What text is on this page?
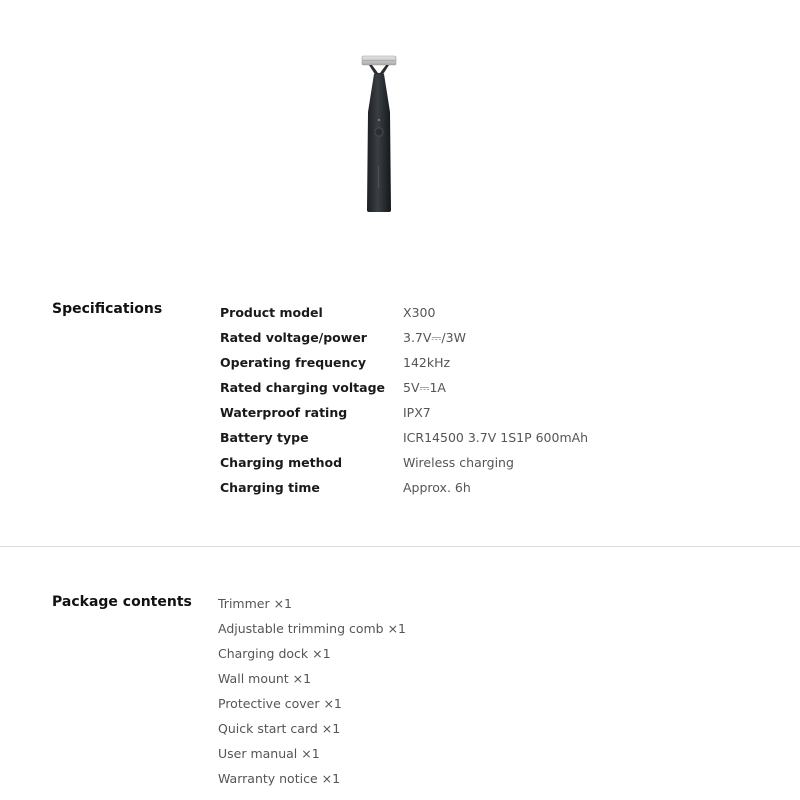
Specifications	Product model	X300
Rated voltage/power	3.7V⎓/3W
Operating frequency	142kHz
Rated charging voltage	5V⎓1A
Waterproof rating	IPX7
Battery type	ICR14500 3.7V 1S1P 600mAh
Charging method	Wireless charging
Charging time	Approx. 6h
Package contents Trimmer ×1
Adjustable trimming comb ×1
Charging dock ×1
Wall mount ×1
Protective cover ×1
Quick start card ×1
User manual ×1
Warranty notice ×1
